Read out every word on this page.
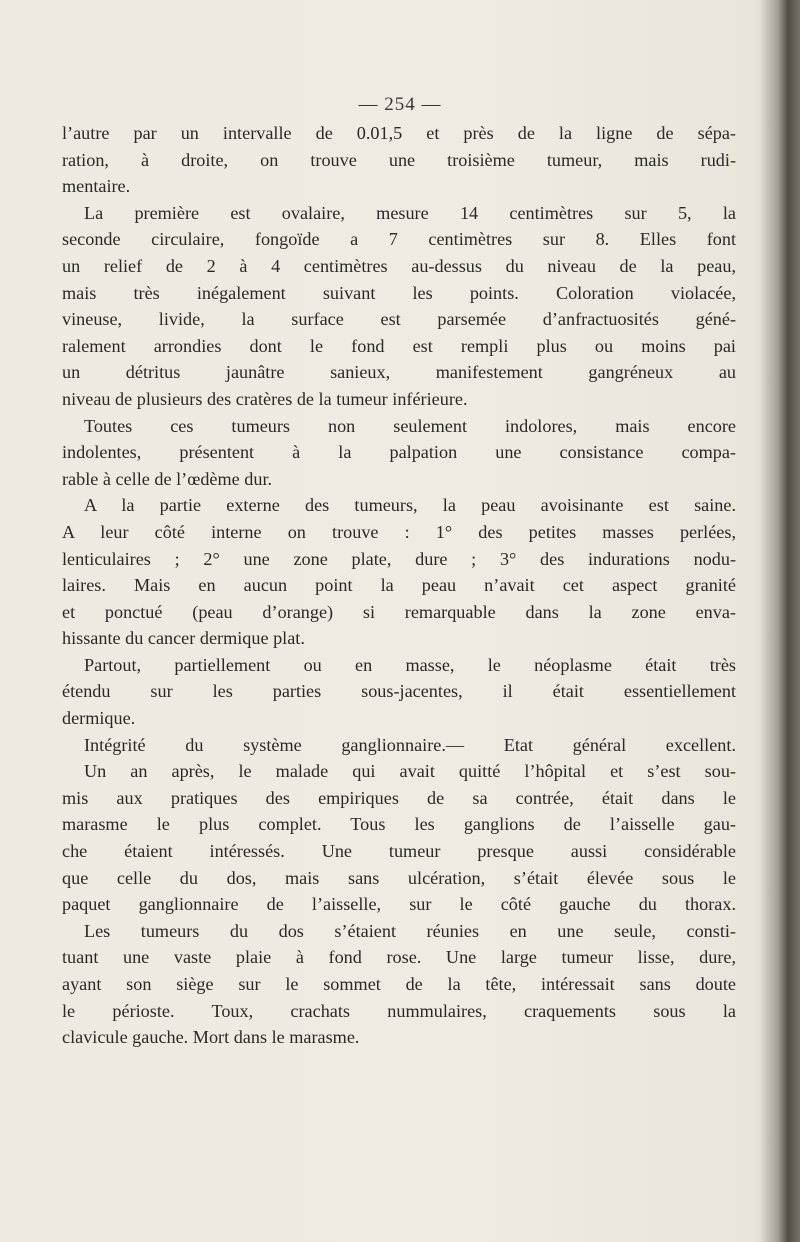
— 254 —
l’autre par un intervalle de 0.01,5 et près de la ligne de sépa-
ration, à droite, on trouve une troisième tumeur, mais rudi-
mentaire.
La première est ovalaire, mesure 14 centimètres sur 5, la
seconde circulaire, fongoïde a 7 centimètres sur 8. Elles font
un relief de 2 à 4 centimètres au-dessus du niveau de la peau,
mais très inégalement suivant les points. Coloration violacée,
vineuse, livide, la surface est parsemée d’anfractuosités géné-
ralement arrondies dont le fond est rempli plus ou moins pai
un détritus jaunâtre sanieux, manifestement gangréneux au
niveau de plusieurs des cratères de la tumeur inférieure.
Toutes ces tumeurs non seulement indolores, mais encore
indolentes, présentent à la palpation une consistance compa-
rable à celle de l’œdème dur.
A la partie externe des tumeurs, la peau avoisinante est saine.
A leur côté interne on trouve : 1° des petites masses perlées,
lenticulaires ; 2° une zone plate, dure ; 3° des indurations nodu-
laires. Mais en aucun point la peau n’avait cet aspect granité
et ponctué (peau d’orange) si remarquable dans la zone enva-
hissante du cancer dermique plat.
Partout, partiellement ou en masse, le néoplasme était très
étendu sur les parties sous-jacentes, il était essentiellement
dermique.
Intégrité du système ganglionnaire.— Etat général excellent.
Un an après, le malade qui avait quitté l’hôpital et s’est sou-
mis aux pratiques des empiriques de sa contrée, était dans le
marasme le plus complet. Tous les ganglions de l’aisselle gau-
che étaient intéressés. Une tumeur presque aussi considérable
que celle du dos, mais sans ulcération, s’était élevée sous le
paquet ganglionnaire de l’aisselle, sur le côté gauche du thorax.
Les tumeurs du dos s’étaient réunies en une seule, consti-
tuant une vaste plaie à fond rose. Une large tumeur lisse, dure,
ayant son siège sur le sommet de la tête, intéressait sans doute
le périoste. Toux, crachats nummulaires, craquements sous la
clavicule gauche. Mort dans le marasme.
